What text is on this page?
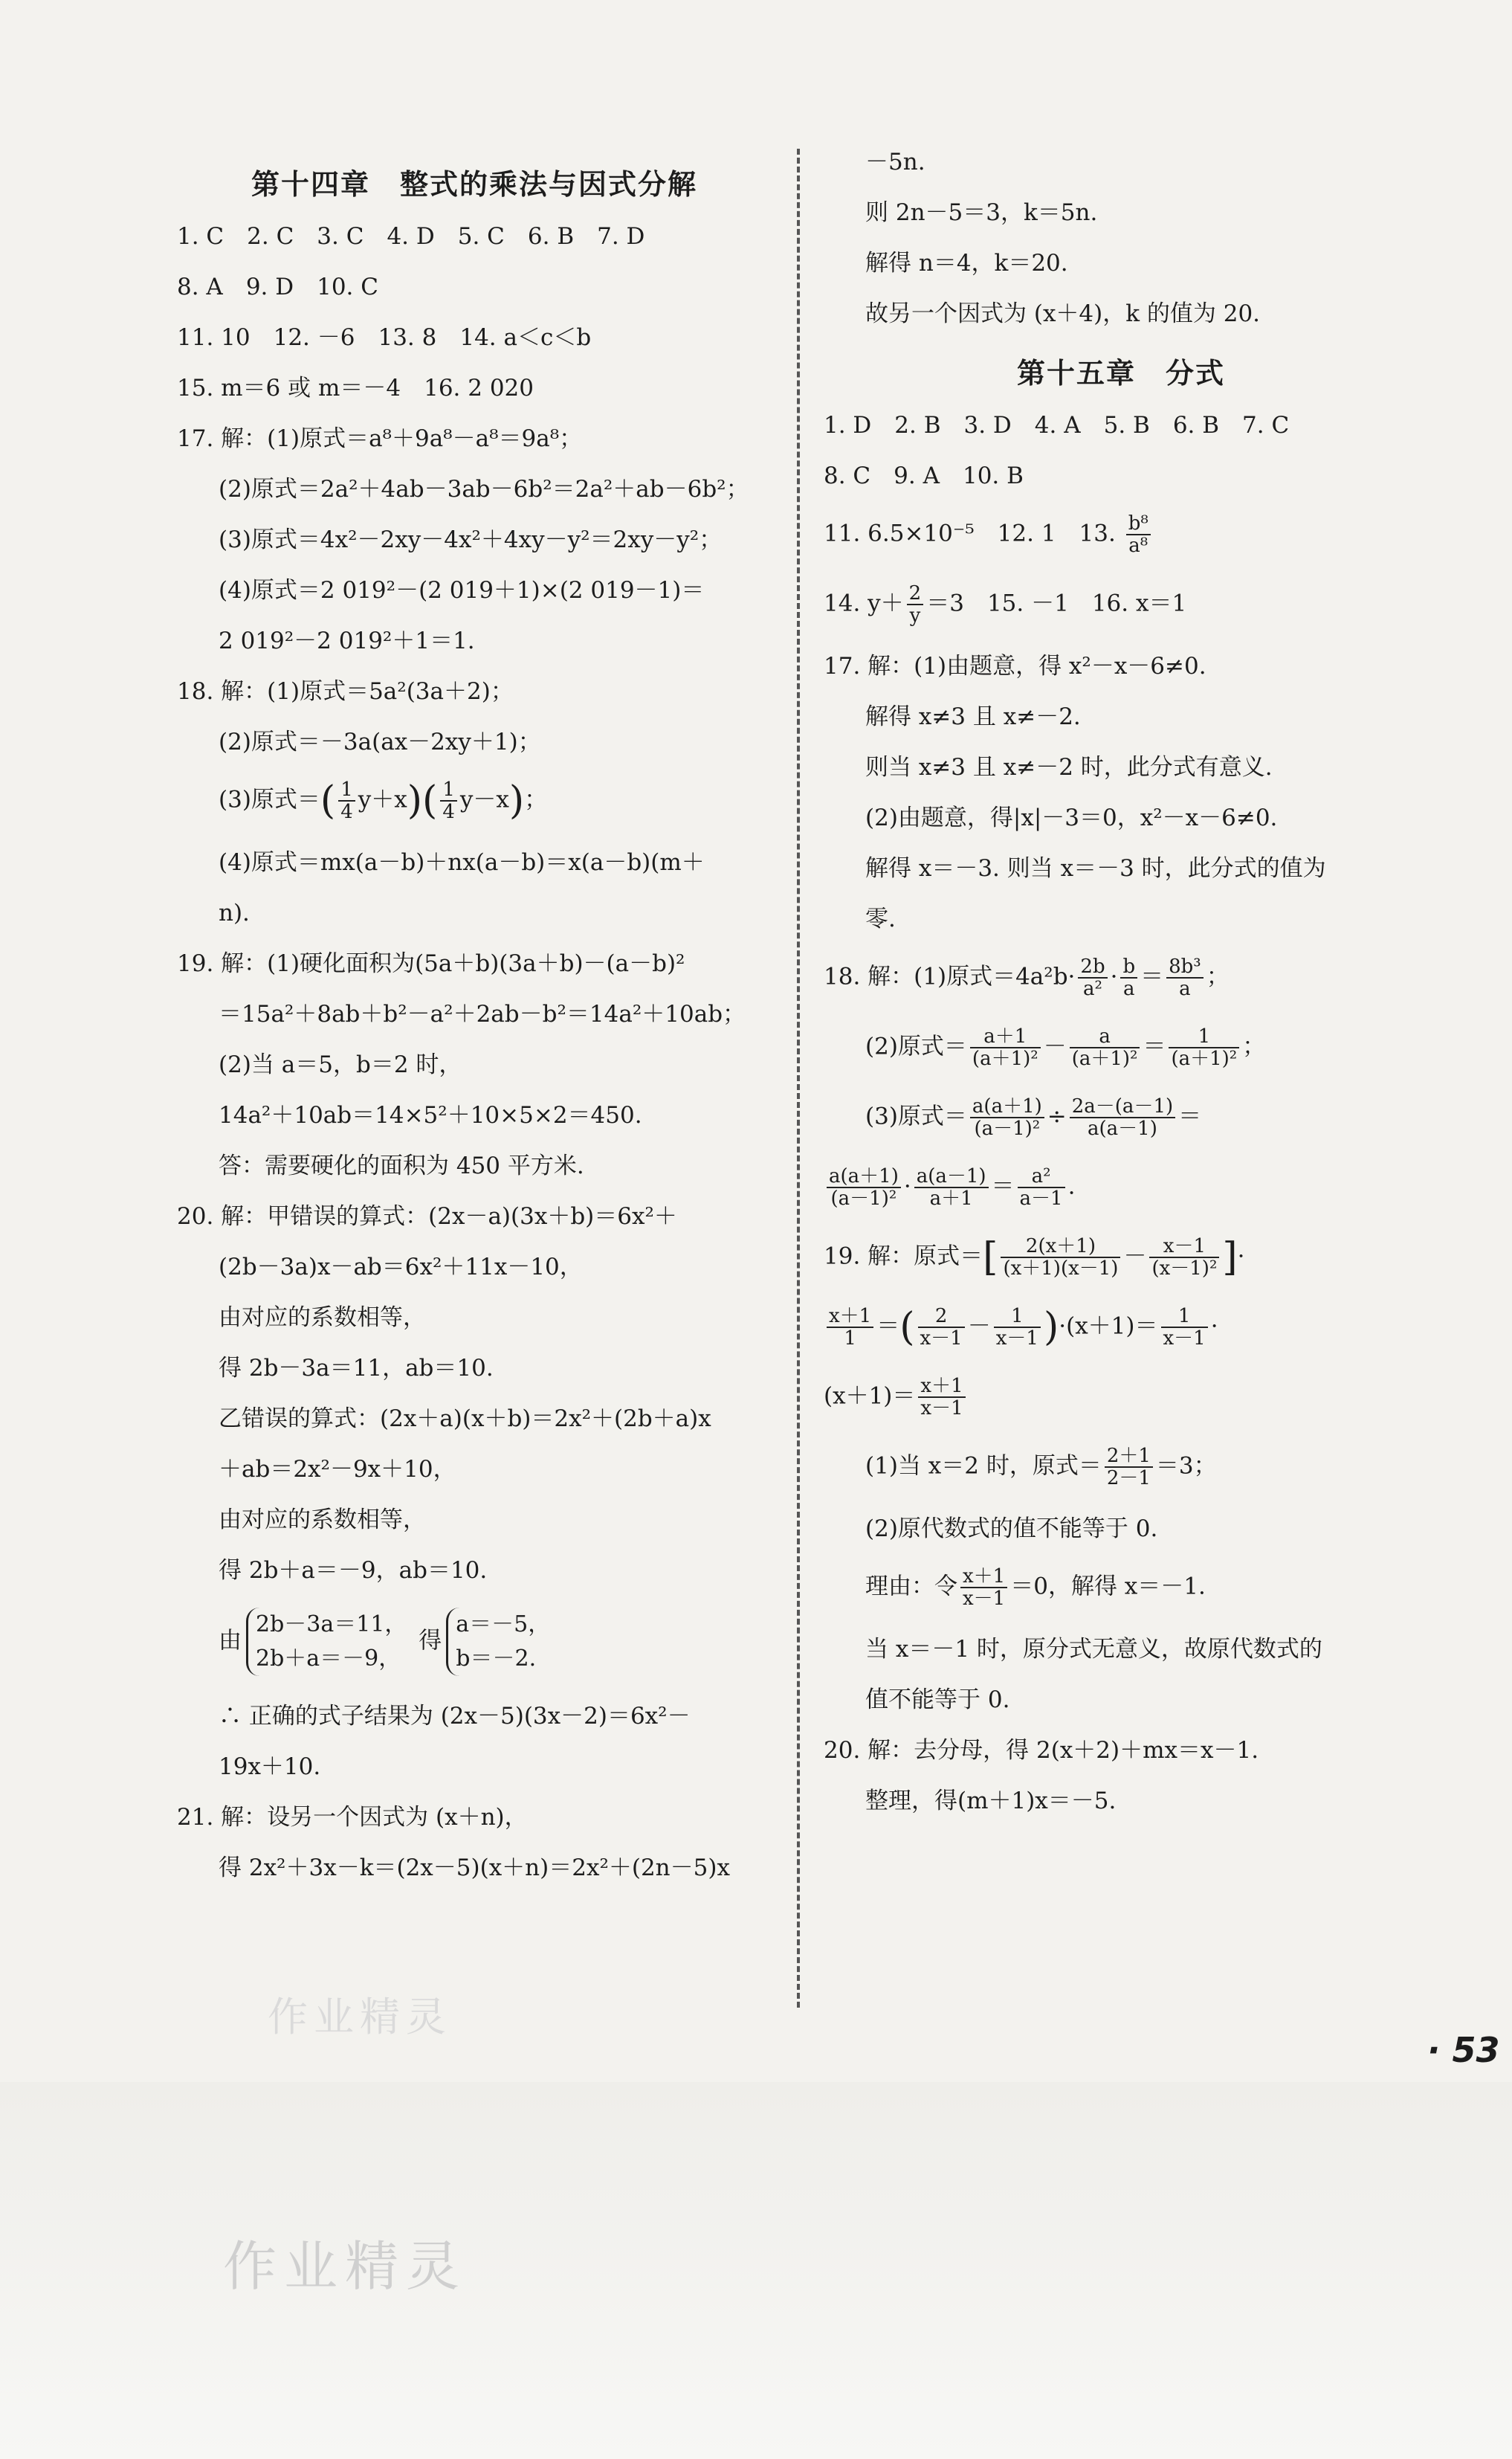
第十四章　整式的乘法与因式分解
1. C　2. C　3. C　4. D　5. C　6. B　7. D
8. A　9. D　10. C
11. 10　12. －6　13. 8　14. a＜c＜b
15. m＝6 或 m＝－4　16. 2 020
17. 解：(1)原式＝a⁸＋9a⁸－a⁸＝9a⁸；
(2)原式＝2a²＋4ab－3ab－6b²＝2a²＋ab－6b²；
(3)原式＝4x²－2xy－4x²＋4xy－y²＝2xy－y²；
(4)原式＝2 019²－(2 019＋1)×(2 019－1)＝
2 019²－2 019²＋1＝1.
18. 解：(1)原式＝5a²(3a＋2)；
(2)原式＝－3a(ax－2xy＋1)；
(3)原式＝( $\frac{1}{4} y+x)( \frac{1}{4} y-x)$；
(4)原式＝mx(a－b)＋nx(a－b)＝x(a－b)(m＋
n).
19. 解：(1)硬化面积为(5a＋b)(3a＋b)－(a－b)²
＝15a²＋8ab＋b²－a²＋2ab－b²＝14a²＋10ab；
(2)当 a＝5，b＝2 时，
14a²＋10ab＝14×5²＋10×5×2＝450.
答：需要硬化的面积为 450 平方米.
20. 解：甲错误的算式：(2x－a)(3x＋b)＝6x²＋
(2b－3a)x－ab＝6x²＋11x－10，
由对应的系数相等，
得 2b－3a＝11，ab＝10.
乙错误的算式：(2x＋a)(x＋b)＝2x²＋(2b＋a)x
＋ab＝2x²－9x＋10，
由对应的系数相等，
得 2b＋a＝－9，ab＝10.
由2b－3a＝11，
2b＋a＝－9， 得a＝－5，
b＝－2.
∴ 正确的式子结果为 (2x－5)(3x－2)＝6x²－
19x＋10.
21. 解：设另一个因式为 (x＋n)，
得 2x²＋3x－k＝(2x－5)(x＋n)＝2x²＋(2n－5)x
－5n.
则 2n－5＝3，k＝5n.
解得 n＝4，k＝20.
故另一个因式为 (x＋4)，k 的值为 20.
第十五章　分式
1. D　2. B　3. D　4. A　5. B　6. B　7. C
8. C　9. A　10. B
11. 6.5×10⁻⁵　12. 1　13. $\frac{\text{b⁸}}{\text{a⁸}}$
14. $y+ \frac{2}{y} =3$　15. －1　16. x＝1
17. 解：(1)由题意，得 x²－x－6≠0.
解得 x≠3 且 x≠－2.
则当 x≠3 且 x≠－2 时，此分式有意义.
(2)由题意，得|x|－3＝0，x²－x－6≠0.
解得 x＝－3. 则当 x＝－3 时，此分式的值为
零.
18. 解：(1)原式$=4a^2b\cdot \frac{2b}{\text{a²}} \cdot \frac{b}{a} = \frac{\text{8b³}}{a}$ ；
(2)原式＝ $\frac{a+1}{\text{(a＋1)²}} - \frac{a}{\text{(a＋1)²}} = \frac{1}{\text{(a＋1)²}}$ ；
(3)原式＝ $\frac{a(a+1)}{\text{(a－1)²}} \div \frac{2a-(a-1)}{a(a-1)}$ ＝
$\frac{a(a+1)}{\text{(a－1)²}} \cdot \frac{a(a-1)}{a+1} = \frac{\text{a²}}{a-1}$ .
19. 解：原式＝[ $\frac{2(x+1)}{(x+1)(x-1)} - \frac{x-1}{\text{(x－1)²}}$ ]·
$\frac{x+1}{1}$ ＝( $\frac{2}{x-1} - \frac{1}{x-1} )\cdot(x+1)= \frac{1}{x-1}$ ·
$(x+1)= \frac{x+1}{x-1}$
(1)当 x＝2 时，原式＝ $\frac{2+1}{2-1} =3$；
(2)原代数式的值不能等于 0.
理由：令 $\frac{x+1}{x-1} =0$，解得 x＝－1.
当 x＝－1 时，原分式无意义，故原代数式的
值不能等于 0.
20. 解：去分母，得 2(x＋2)＋mx＝x－1.
整理，得(m＋1)x＝－5.
作业精灵
· 53
作业精灵
